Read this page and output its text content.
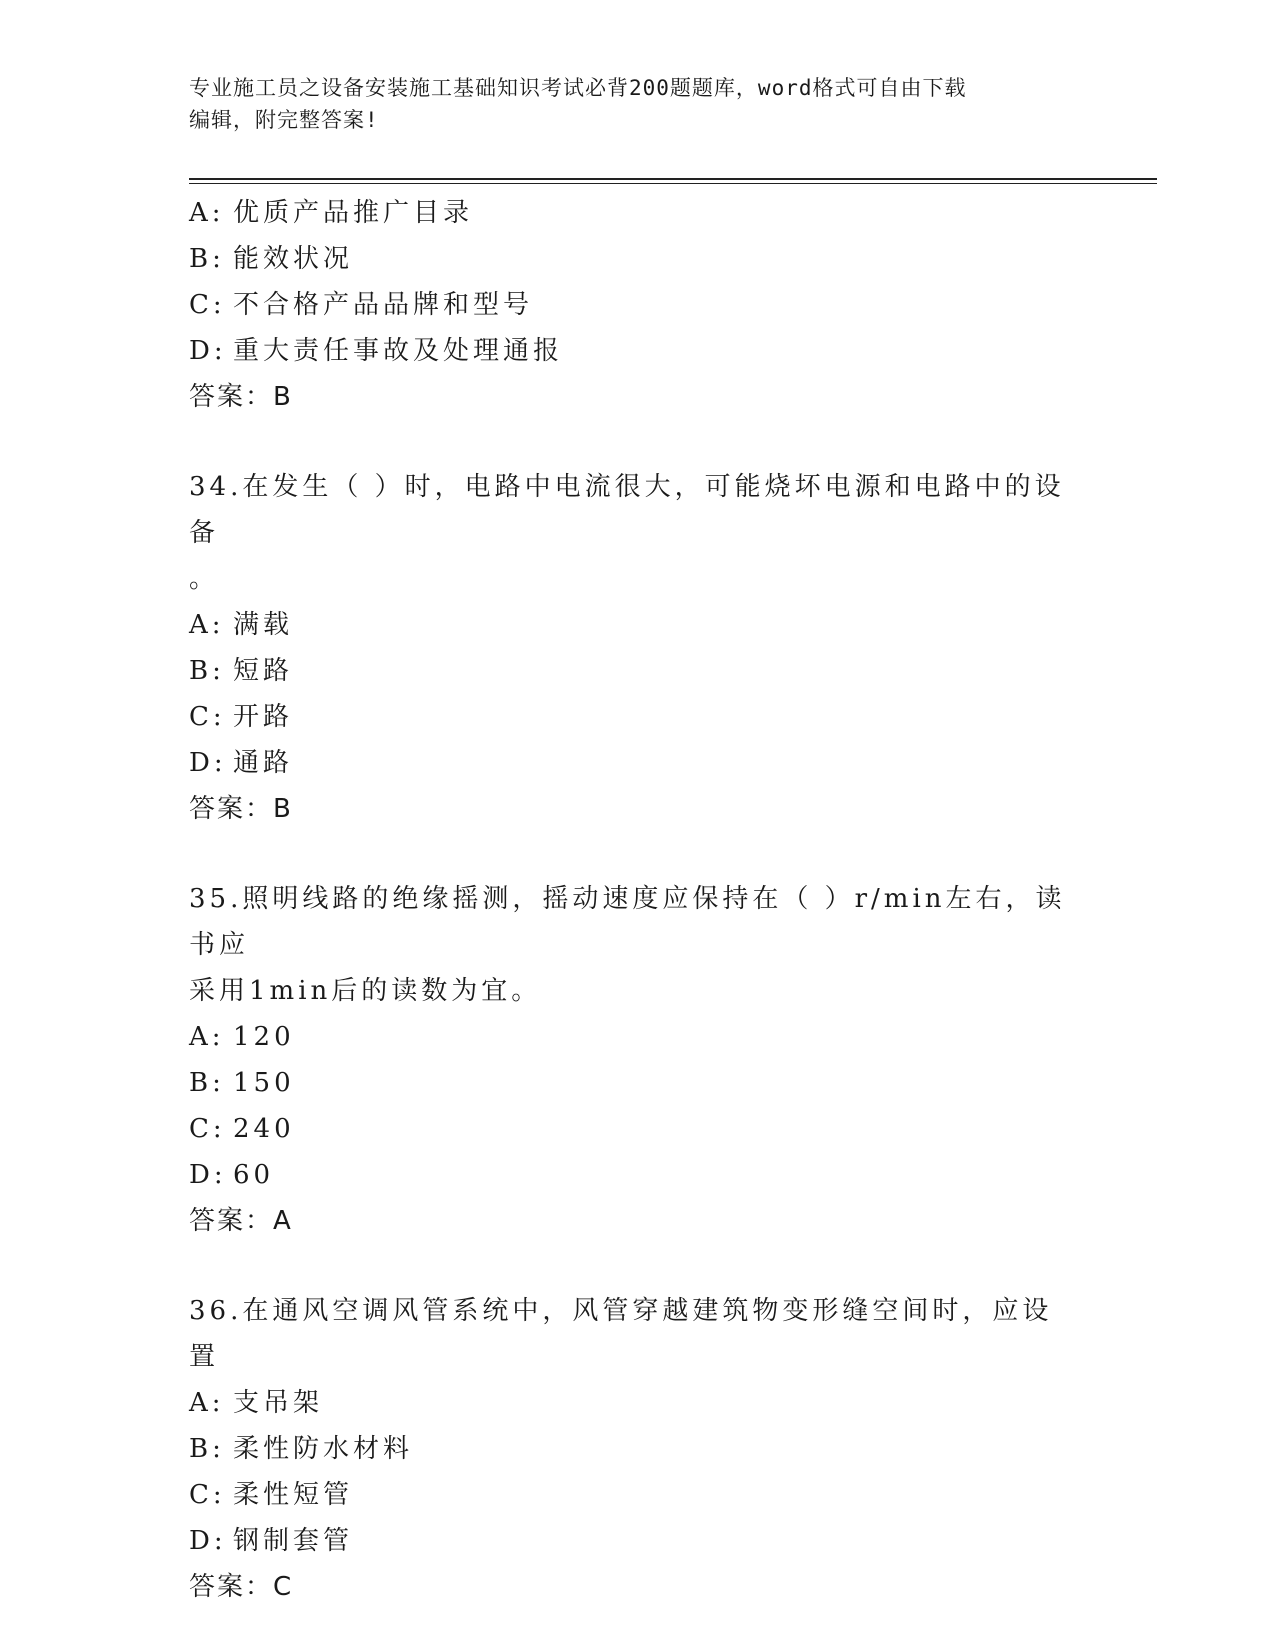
专业施工员之设备安装施工基础知识考试必背200题题库，word格式可自由下载
编辑，附完整答案!
A: 优质产品推广目录
B: 能效状况
C: 不合格产品品牌和型号
D: 重大责任事故及处理通报
答案：B
34.在发生（ ）时，电路中电流很大，可能烧坏电源和电路中的设备
。
A: 满载
B: 短路
C: 开路
D: 通路
答案：B
35.照明线路的绝缘摇测，摇动速度应保持在（ ）r/min左右，读书应
采用1min后的读数为宜。
A: 120
B: 150
C: 240
D: 60
答案：A
36.在通风空调风管系统中，风管穿越建筑物变形缝空间时，应设置
A: 支吊架
B: 柔性防水材料
C: 柔性短管
D: 钢制套管
答案：C
